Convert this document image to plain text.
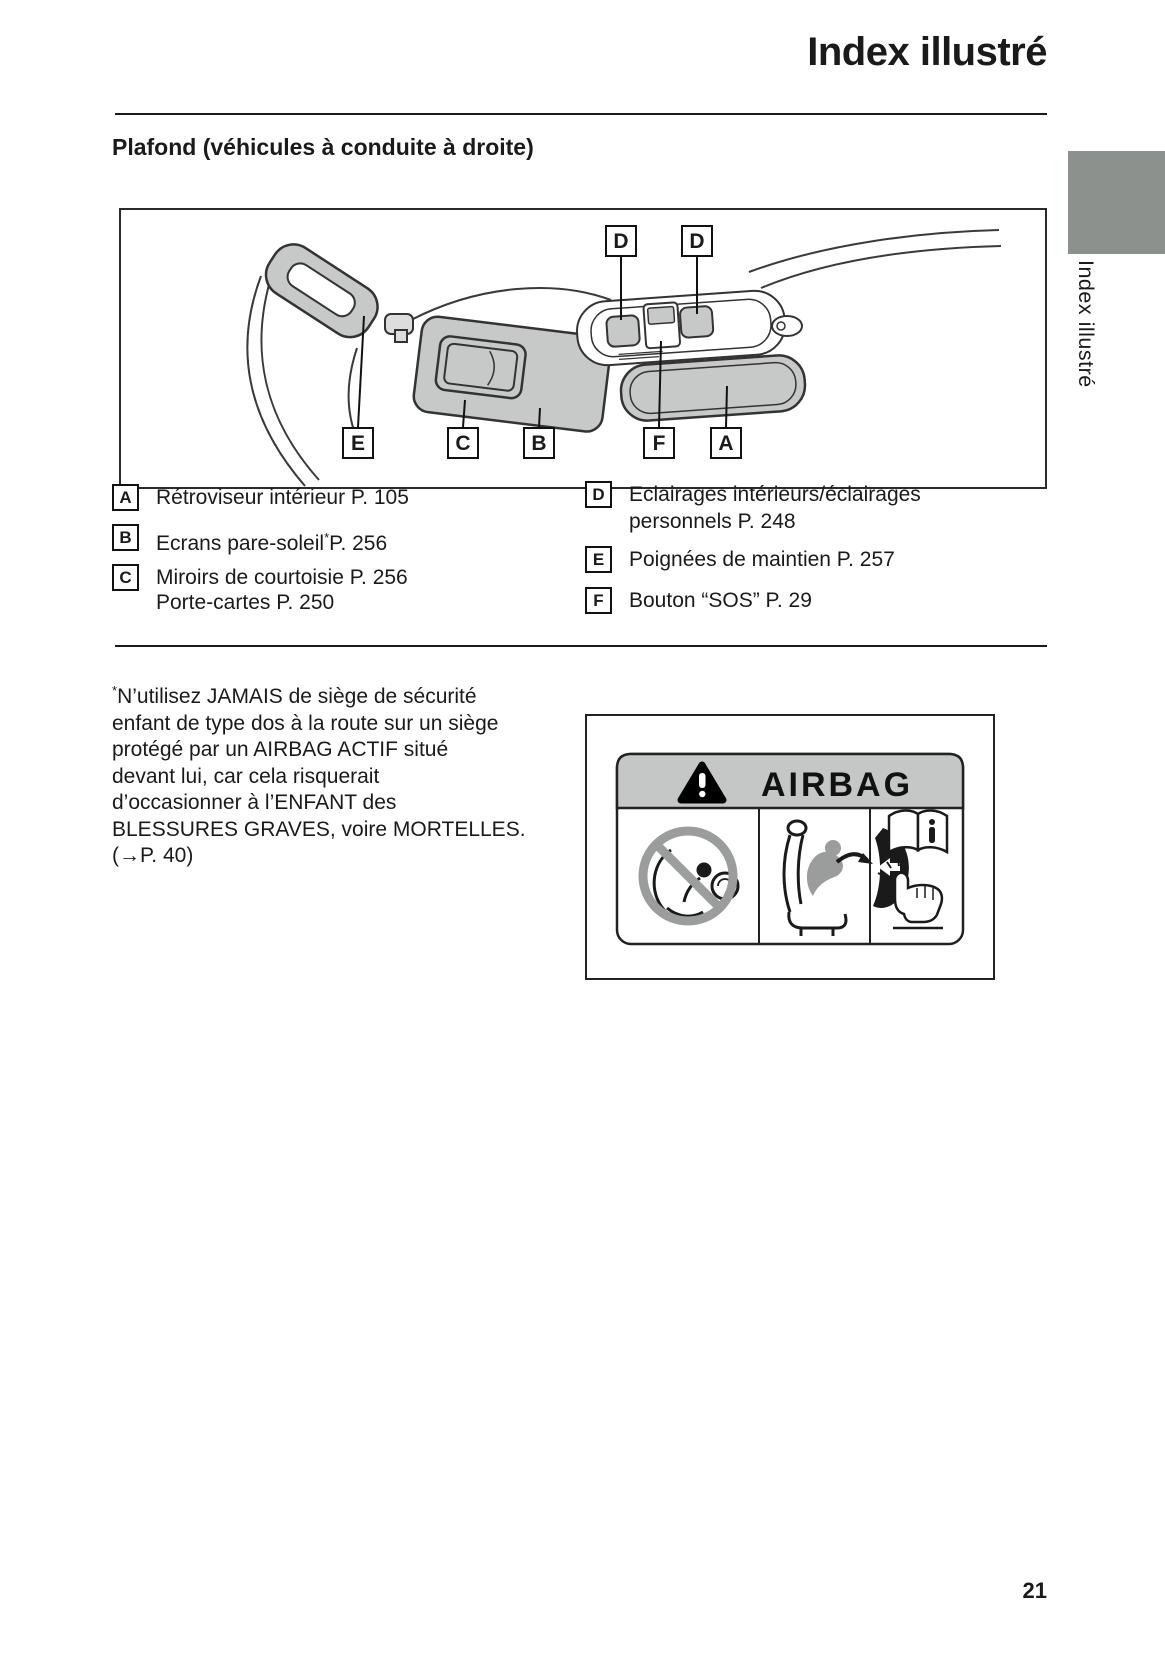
Index illustré
Plafond (véhicules à conduite à droite)
D	D
E	C	B	F	A
A	Rétroviseur intérieur P. 105
B	Ecrans pare-soleil*P. 256
C	Miroirs de courtoisie P. 256
Porte-cartes P. 250
D	Eclairages intérieurs/éclairages
personnels P. 248
E	Poignées de maintien P. 257
F	Bouton “SOS” P. 29
*N’utilisez JAMAIS de siège de sécurité
enfant de type dos à la route sur un siège
protégé par un AIRBAG ACTIF situé
devant lui, car cela risquerait
d’occasionner à l’ENFANT des
BLESSURES GRAVES, voire MORTELLES.
(→P. 40)
AIRBAG
Index illustré
21
